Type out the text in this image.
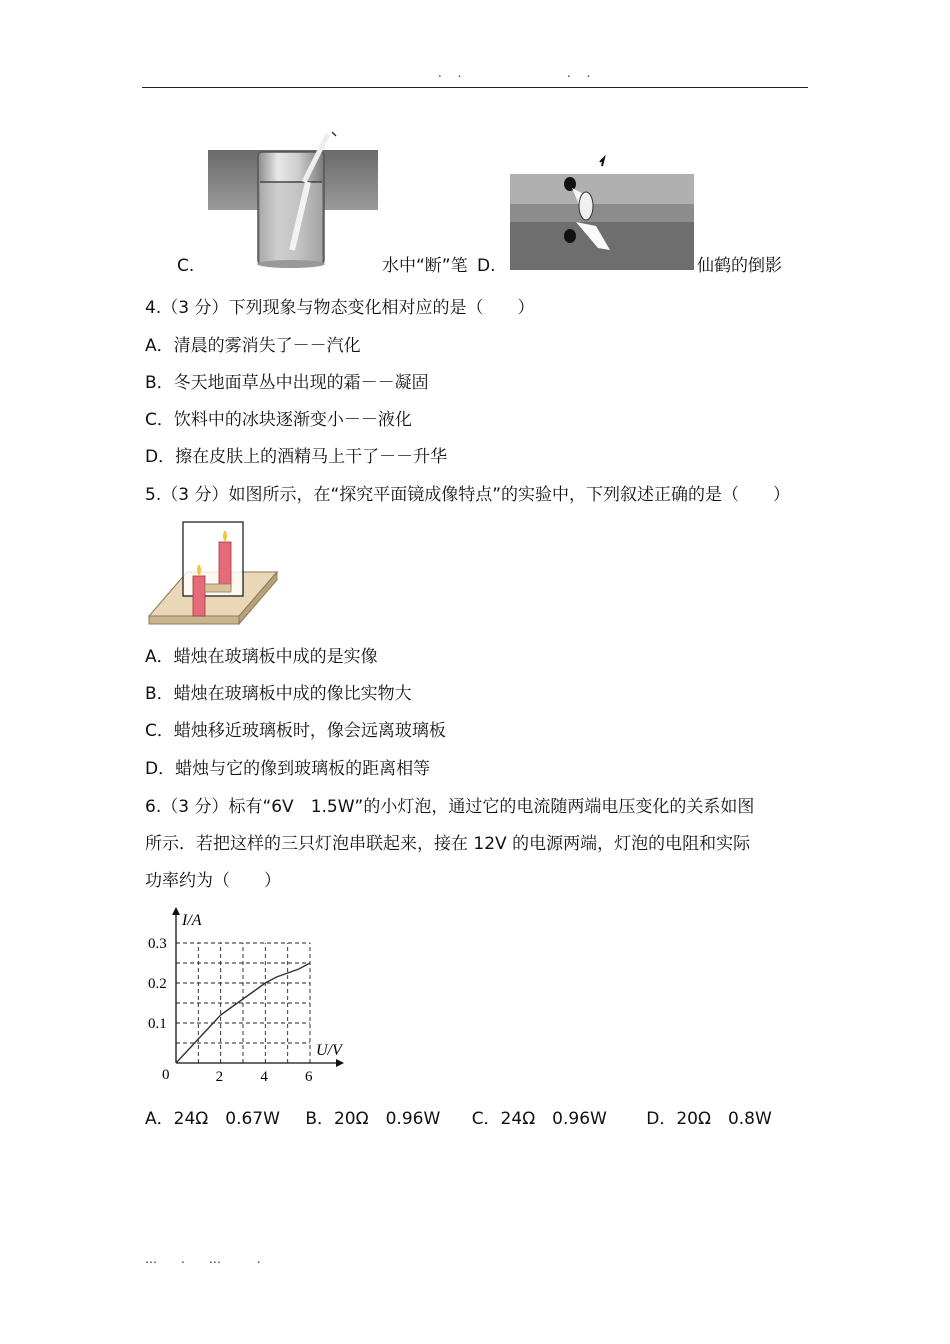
. .	. .
C.	水中“断”笔 D.	仙鹤的倒影
4.（3 分）下列现象与物态变化相对应的是（　　）
A．清晨的雾消失了－－汽化
B．冬天地面草丛中出现的霜－－凝固
C．饮料中的冰块逐渐变小－－液化
D．擦在皮肤上的酒精马上干了－－升华
5.（3 分）如图所示，在“探究平面镜成像特点”的实验中，下列叙述正确的是（　　）
A．蜡烛在玻璃板中成的是实像
B．蜡烛在玻璃板中成的像比实物大
C．蜡烛移近玻璃板时，像会远离玻璃板
D．蜡烛与它的像到玻璃板的距离相等
6.（3 分）标有“6V　1.5W”的小灯泡，通过它的电流随两端电压变化的关系如图
所示．若把这样的三只灯泡串联起来，接在 12V 的电源两端，灯泡的电阻和实际
功率约为（　　）
I/A
U/V
0	2 4 6
0.1
0.2
0.3
A．24Ω　0.67W B．20Ω　0.96W C．24Ω　0.96W D．20Ω　0.8W
…　　.　　…　　　.
